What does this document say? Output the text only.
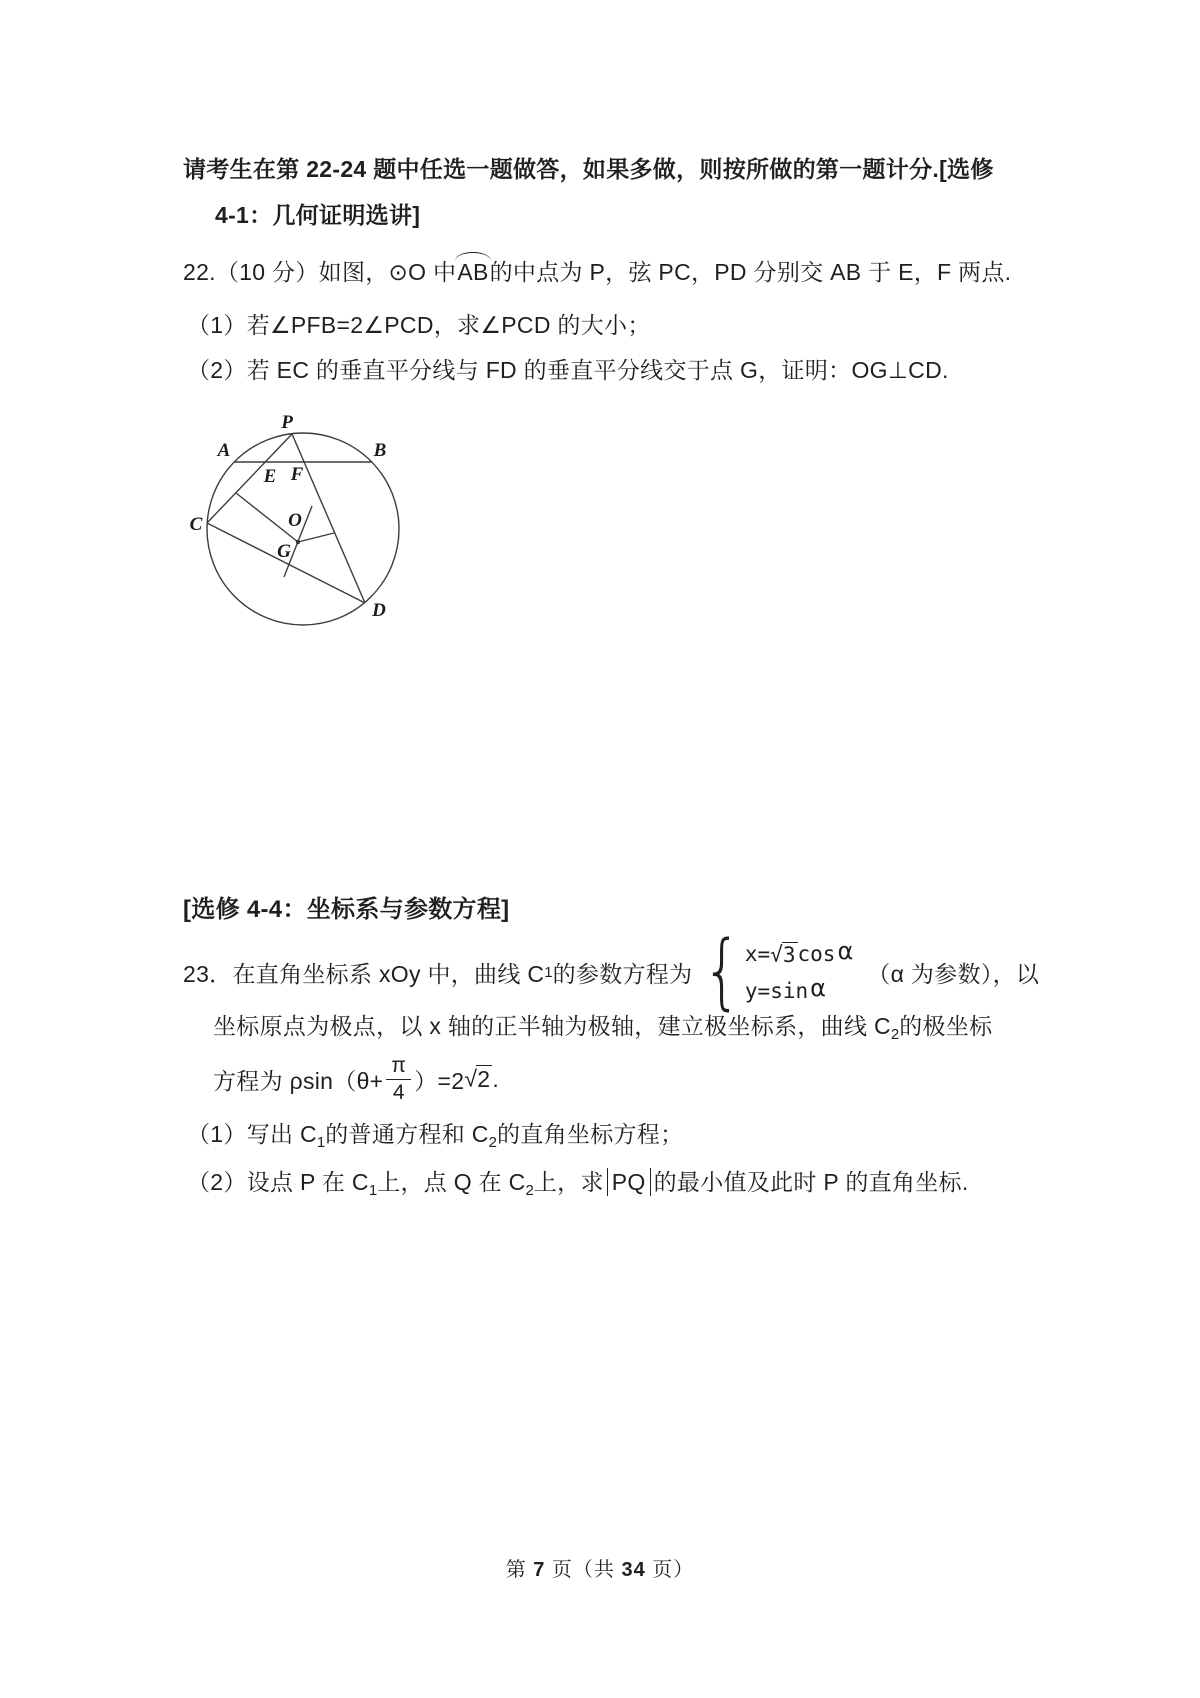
请考生在第 22-24 题中任选一题做答，如果多做，则按所做的第一题计分.[选修
4-1：几何证明选讲]
22.（10 分）如图，⊙O 中AB的中点为 P，弦 PC，PD 分别交 AB 于 E，F 两点.
（1）若∠PFB=2∠PCD，求∠PCD 的大小；
（2）若 EC 的垂直平分线与 FD 的垂直平分线交于点 G，证明：OG⊥CD.
P
A	B
E F
C	O
G
D
[选修 4-4：坐标系与参数方程]
23．在直角坐标系 xOy 中，曲线 C 1 的参数方程为 { x= √ 3 cos α
y=sin α （α 为参数），以
坐标原点为极点，以 x 轴的正半轴为极轴，建立极坐标系，曲线 $C_2$的极坐标
方程为 $\rho\sin(\theta+ \frac{\pi}{4} )=2$ √ 2 .
（1）写出 $C_1$的普通方程和 $C_2$的直角坐标方程；
（2）设点 P 在 $C_1$上，点 Q 在 $C_2$上，求 PQ 的最小值及此时 P 的直角坐标.
第 7 页（共 34 页）
